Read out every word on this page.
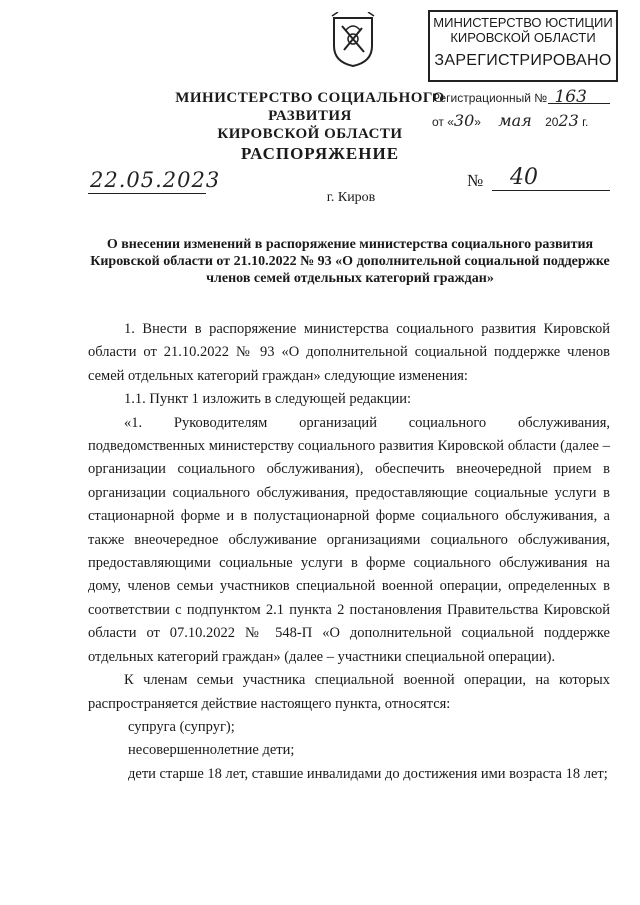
МИНИСТЕРСТВО ЮСТИЦИИ
КИРОВСКОЙ ОБЛАСТИ
ЗАРЕГИСТРИРОВАНО
Регистрационный № 163
от «30» мая 2023 г.
МИНИСТЕРСТВО СОЦИАЛЬНОГО РАЗВИТИЯ
КИРОВСКОЙ ОБЛАСТИ
РАСПОРЯЖЕНИЕ
22.05.2023	№ 40
г. Киров
О внесении изменений в распоряжение министерства социального развития Кировской области от 21.10.2022 № 93 «О дополнительной социальной поддержке членов семей отдельных категорий граждан»

1. Внести в распоряжение министерства социального развития Кировской области от 21.10.2022 № 93 «О дополнительной социальной поддержке членов семей отдельных категорий граждан» следующие изменения:

1.1. Пункт 1 изложить в следующей редакции:

«1. Руководителям организаций социального обслуживания, подведомственных министерству социального развития Кировской области (далее – организации социального обслуживания), обеспечить внеочередной прием в организации социального обслуживания, предоставляющие социальные услуги в стационарной форме и в полустационарной форме социального обслуживания, а также внеочередное обслуживание организациями социального обслуживания, предоставляющими социальные услуги в форме социального обслуживания на дому, членов семьи участников специальной военной операции, определенных в соответствии с подпунктом 2.1 пункта 2 постановления Правительства Кировской области от 07.10.2022 № 548-П «О дополнительной социальной поддержке отдельных категорий граждан» (далее – участники специальной операции).

К членам семьи участника специальной военной операции, на которых распространяется действие настоящего пункта, относятся:

супруга (супруг);

несовершеннолетние дети;

дети старше 18 лет, ставшие инвалидами до достижения ими возраста 18 лет;
